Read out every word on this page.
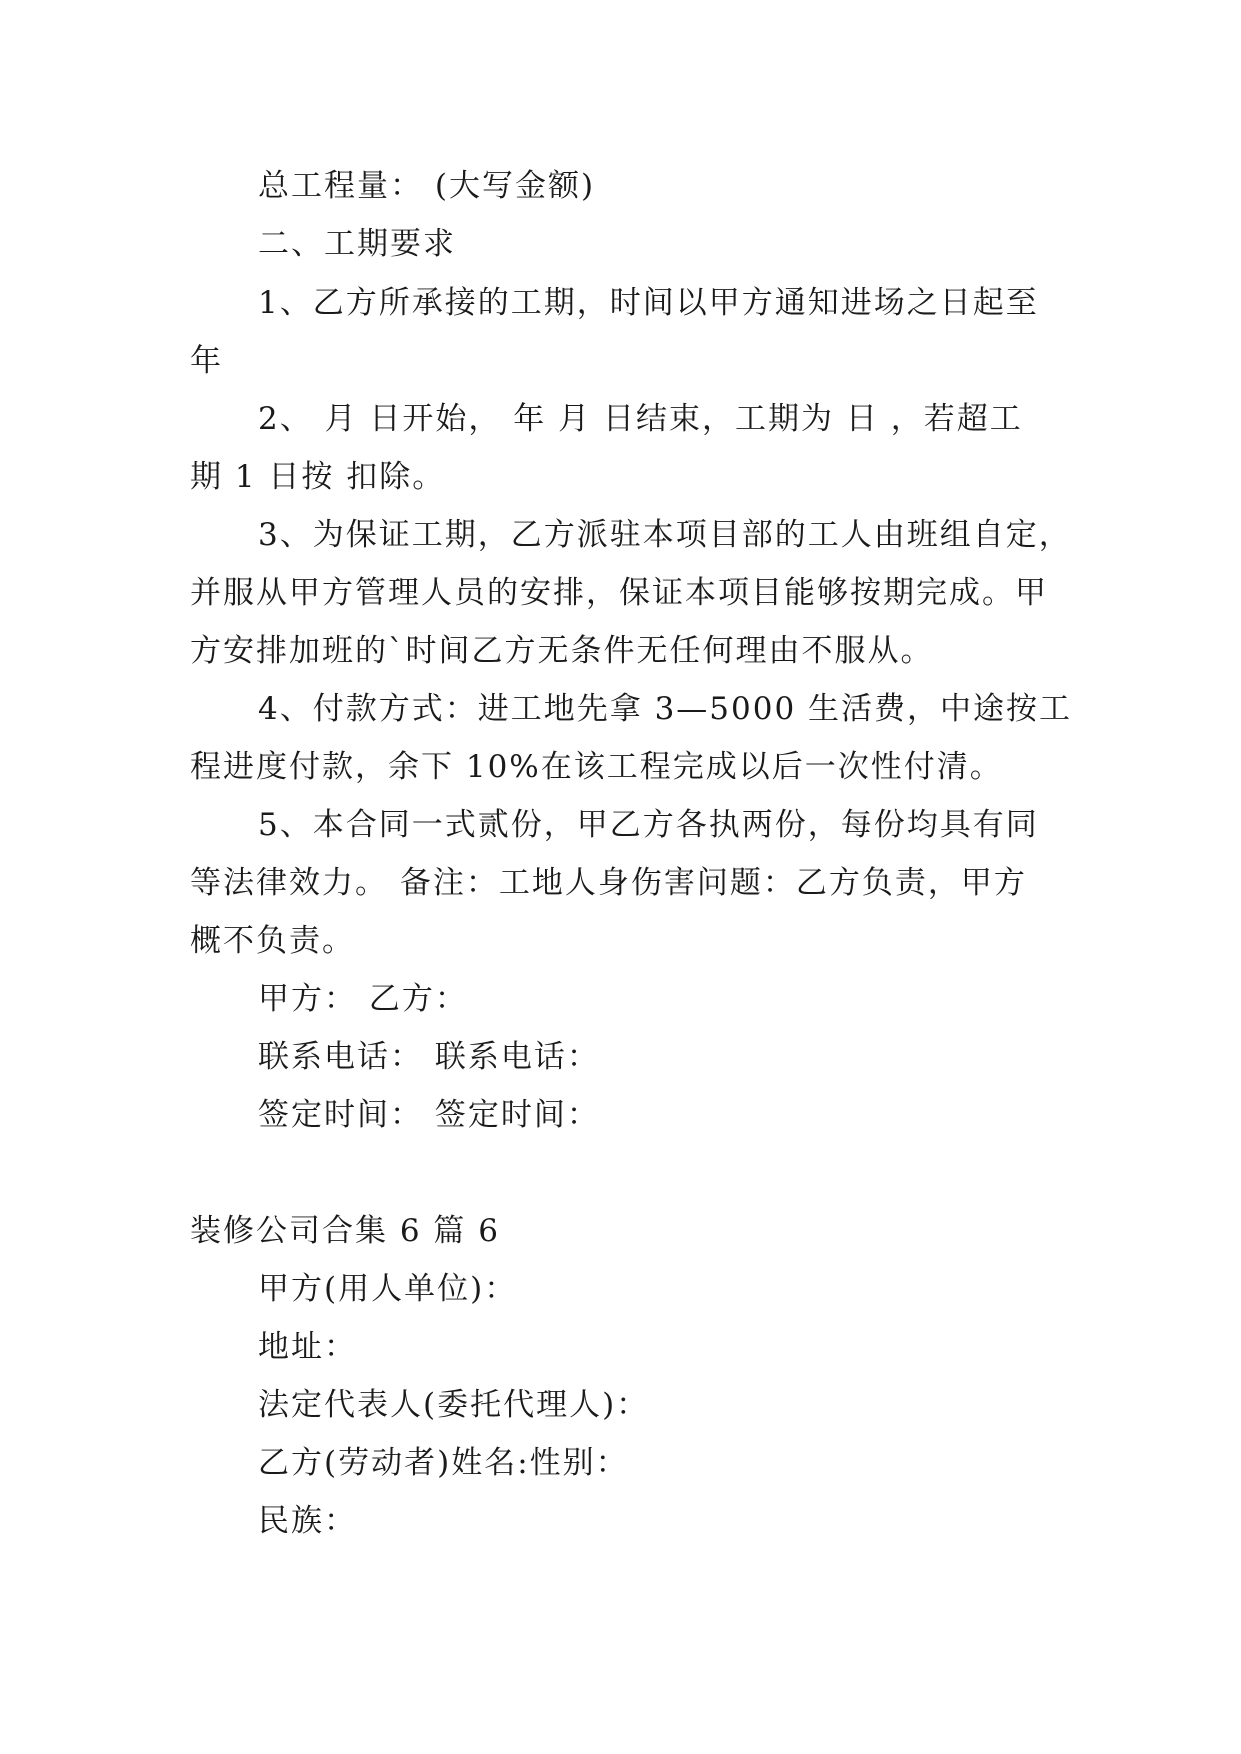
总工程量： (大写金额)
二、工期要求
1、乙方所承接的工期，时间以甲方通知进场之日起至
年
2、 月 日开始， 年 月 日结束，工期为 日 ，若超工
期 1 日按 扣除。
3、为保证工期，乙方派驻本项目部的工人由班组自定，
并服从甲方管理人员的安排，保证本项目能够按期完成。甲
方安排加班的`时间乙方无条件无任何理由不服从。
4、付款方式：进工地先拿 3—5000 生活费，中途按工
程进度付款，余下 10%在该工程完成以后一次性付清。
5、本合同一式贰份，甲乙方各执两份，每份均具有同
等法律效力。 备注：工地人身伤害问题：乙方负责，甲方
概不负责。
甲方： 乙方：
联系电话： 联系电话：
签定时间： 签定时间：
装修公司合集 6 篇 6
甲方(用人单位)：
地址：
法定代表人(委托代理人)：
乙方(劳动者)姓名:性别：
民族：
